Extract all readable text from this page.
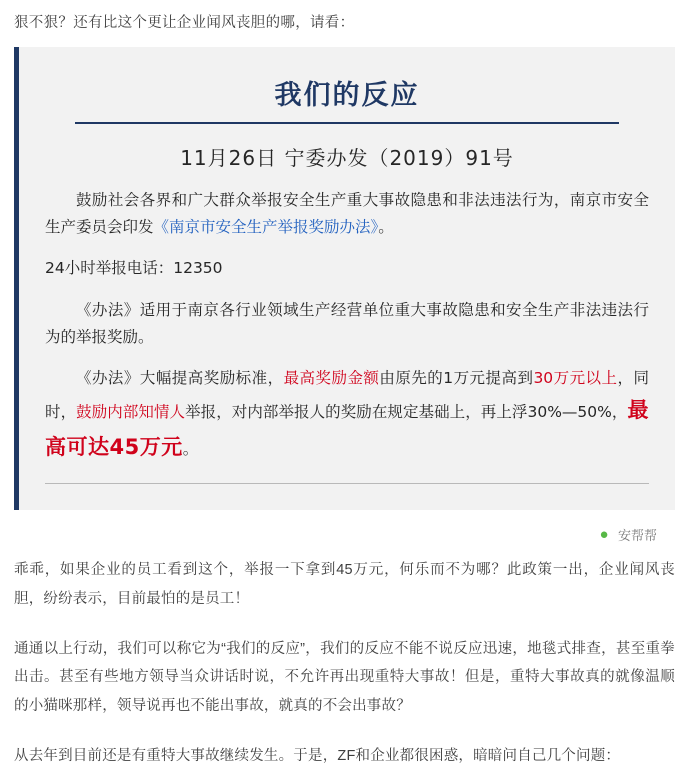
狠不狠？还有比这个更让企业闻风丧胆的哪，请看：
我们的反应
11月26日 宁委办发（2019）91号

鼓励社会各界和广大群众举报安全生产重大事故隐患和非法违法行为，南京市安全生产委员会印发《南京市安全生产举报奖励办法》。

24小时举报电话：12350

《办法》适用于南京各行业领域生产经营单位重大事故隐患和安全生产非法违法行为的举报奖励。

《办法》大幅提高奖励标准，最高奖励金额由原先的1万元提高到30万元以上，同时，鼓励内部知情人举报，对内部举报人的奖励在规定基础上，再上浮30%—50%，最高可达45万元。

● 安帮帮

乖乖，如果企业的员工看到这个，举报一下拿到45万元，何乐而不为哪？此政策一出，企业闻风丧胆，纷纷表示，目前最怕的是员工！

通通以上行动，我们可以称它为“我们的反应”，我们的反应不能不说反应迅速，地毯式排查，甚至重拳出击。甚至有些地方领导当众讲话时说，不允许再出现重特大事故！但是，重特大事故真的就像温顺的小猫咪那样，领导说再也不能出事故，就真的不会出事故？

从去年到目前还是有重特大事故继续发生。于是，ZF和企业都很困惑，暗暗问自己几个问题：
